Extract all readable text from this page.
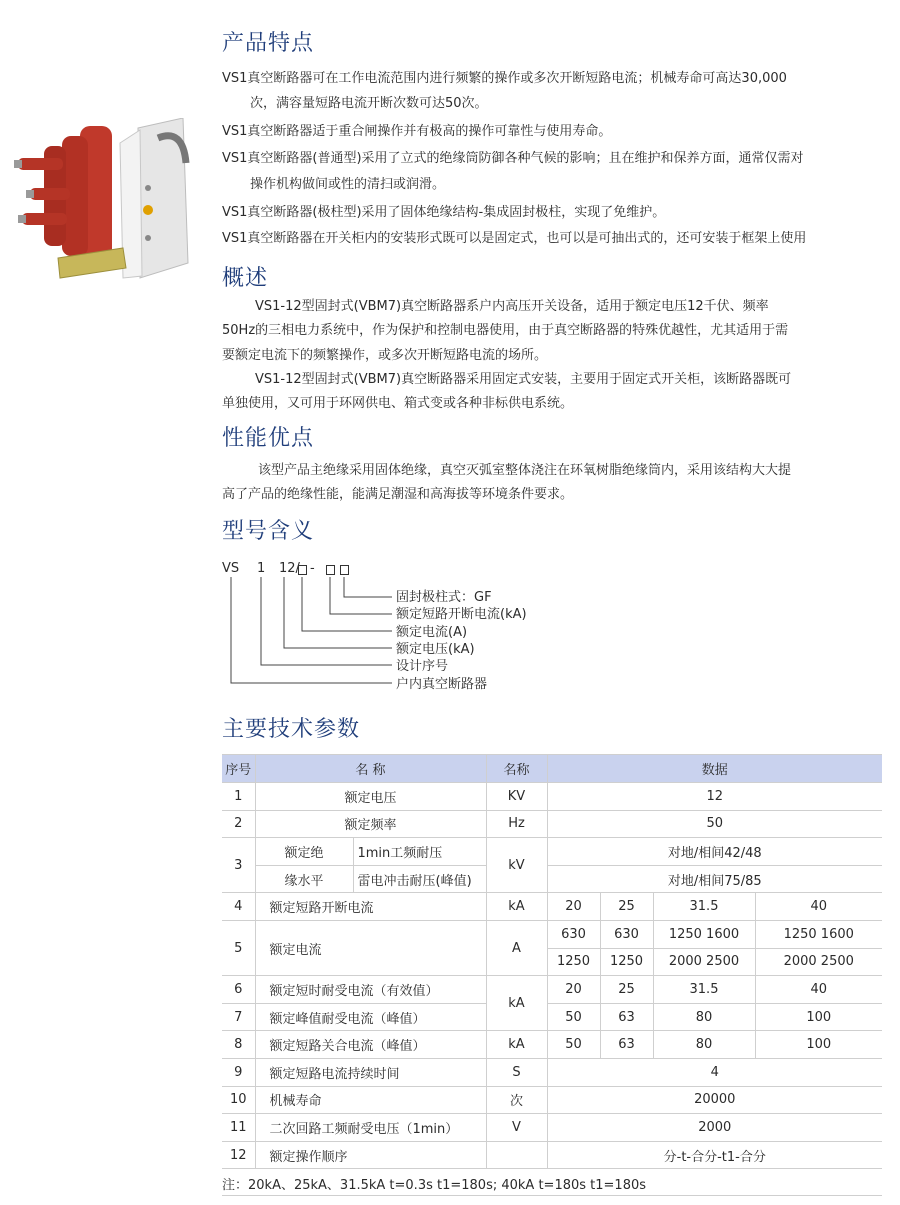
产品特点
VS1真空断路器可在工作电流范围内进行频繁的操作或多次开断短路电流；机械寿命可高达30,000
次，满容量短路电流开断次数可达50次。
VS1真空断路器适于重合闸操作并有极高的操作可靠性与使用寿命。
VS1真空断路器(普通型)采用了立式的绝缘筒防御各种气候的影响；且在维护和保养方面，通常仅需对
操作机构做间或性的清扫或润滑。
VS1真空断路器(极柱型)采用了固体绝缘结构-集成固封极柱，实现了免维护。
VS1真空断路器在开关柜内的安装形式既可以是固定式，也可以是可抽出式的，还可安装于框架上使用
概述
VS1-12型固封式(VBM7)真空断路器系户内高压开关设备，适用于额定电压12千伏、频率
50Hz的三相电力系统中，作为保护和控制电器使用，由于真空断路器的特殊优越性，尤其适用于需
要额定电流下的频繁操作，或多次开断短路电流的场所。
VS1-12型固封式(VBM7)真空断路器采用固定式安装，主要用于固定式开关柜，该断路器既可
单独使用，又可用于环网供电、箱式变或各种非标供电系统。
性能优点
该型产品主绝缘采用固体绝缘，真空灭弧室整体浇注在环氧树脂绝缘筒内，采用该结构大大提
高了产品的绝缘性能，能满足潮湿和高海拔等环境条件要求。
型号含义
VS 1 12/ -
固封极柱式：GF
额定短路开断电流(kA)
额定电流(A)
额定电压(kA)
设计序号
户内真空断路器
主要技术参数
序号	名 称		名称	数据			
1	额定电压		KV	12			
2	额定频率		Hz	50			
3	额定绝	1min工频耐压	kV	对地/相间42/48			
	缘水平	雷电冲击耐压(峰值)		对地/相间75/85			
4	额定短路开断电流		kA	20	25	31.5	40
5	额定电流		A	630	630	1250 1600	1250 1600
				1250	1250	2000 2500	2000 2500
6	额定短时耐受电流（有效值）		kA	20	25	31.5	40
7	额定峰值耐受电流（峰值）			50	63	80	100
8	额定短路关合电流（峰值）		kA	50	63	80	100
9	额定短路电流持续时间		S	4			
10	机械寿命		次	20000			
11	二次回路工频耐受电压（1min）		V	2000			
12	额定操作顺序			分-t-合分-t1-合分			
注：20kA、25kA、31.5kA t=0.3s t1=180s; 40kA t=180s t1=180s
